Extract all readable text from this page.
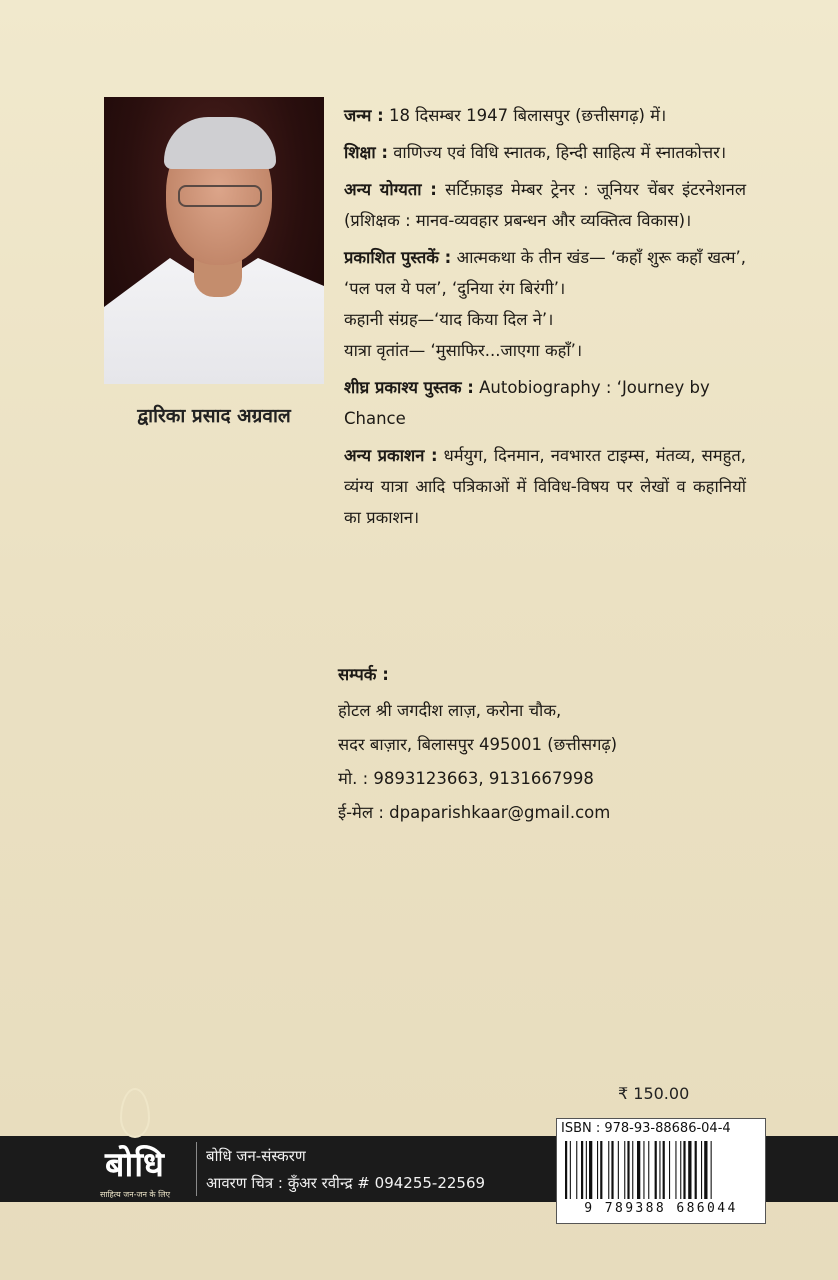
द्वारिका प्रसाद अग्रवाल

जन्म : 18 दिसम्बर 1947 बिलासपुर (छत्तीसगढ़) में।

शिक्षा : वाणिज्य एवं विधि स्नातक, हिन्दी साहित्य में स्नातकोत्तर।

अन्य योग्यता : सर्टिफ़ाइड मेम्बर ट्रेनर : जूनियर चेंबर इंटरनेशनल (प्रशिक्षक : मानव-व्यवहार प्रबन्धन और व्यक्तित्व विकास)।

प्रकाशित पुस्तकें : आत्मकथा के तीन खंड— ‘कहाँ शुरू कहाँ खत्म’, ‘पल पल ये पल’, ‘दुनिया रंग बिरंगी’।

कहानी संग्रह—‘याद किया दिल ने’।

यात्रा वृतांत— ‘मुसाफिर...जाएगा कहाँ’।

शीघ्र प्रकाश्य पुस्तक : Autobiography : ‘Journey by Chance

अन्य प्रकाशन : धर्मयुग, दिनमान, नवभारत टाइम्स, मंतव्य, समहुत, व्यंग्य यात्रा आदि पत्रिकाओं में विविध-विषय पर लेखों व कहानियों का प्रकाशन।

सम्पर्क :
होटल श्री जगदीश लाज़, करोना चौक,
सदर बाज़ार, बिलासपुर 495001 (छत्तीसगढ़)
मो. : 9893123663, 9131667998
ई-मेल : dpaparishkaar@gmail.com
₹ 150.00
बोधि
साहित्य जन-जन के लिए
बोधि जन-संस्करण
आवरण चित्र : कुँअर रवीन्द्र # 094255-22569
ISBN : 978-93-88686-04-4
9 789388 686044
